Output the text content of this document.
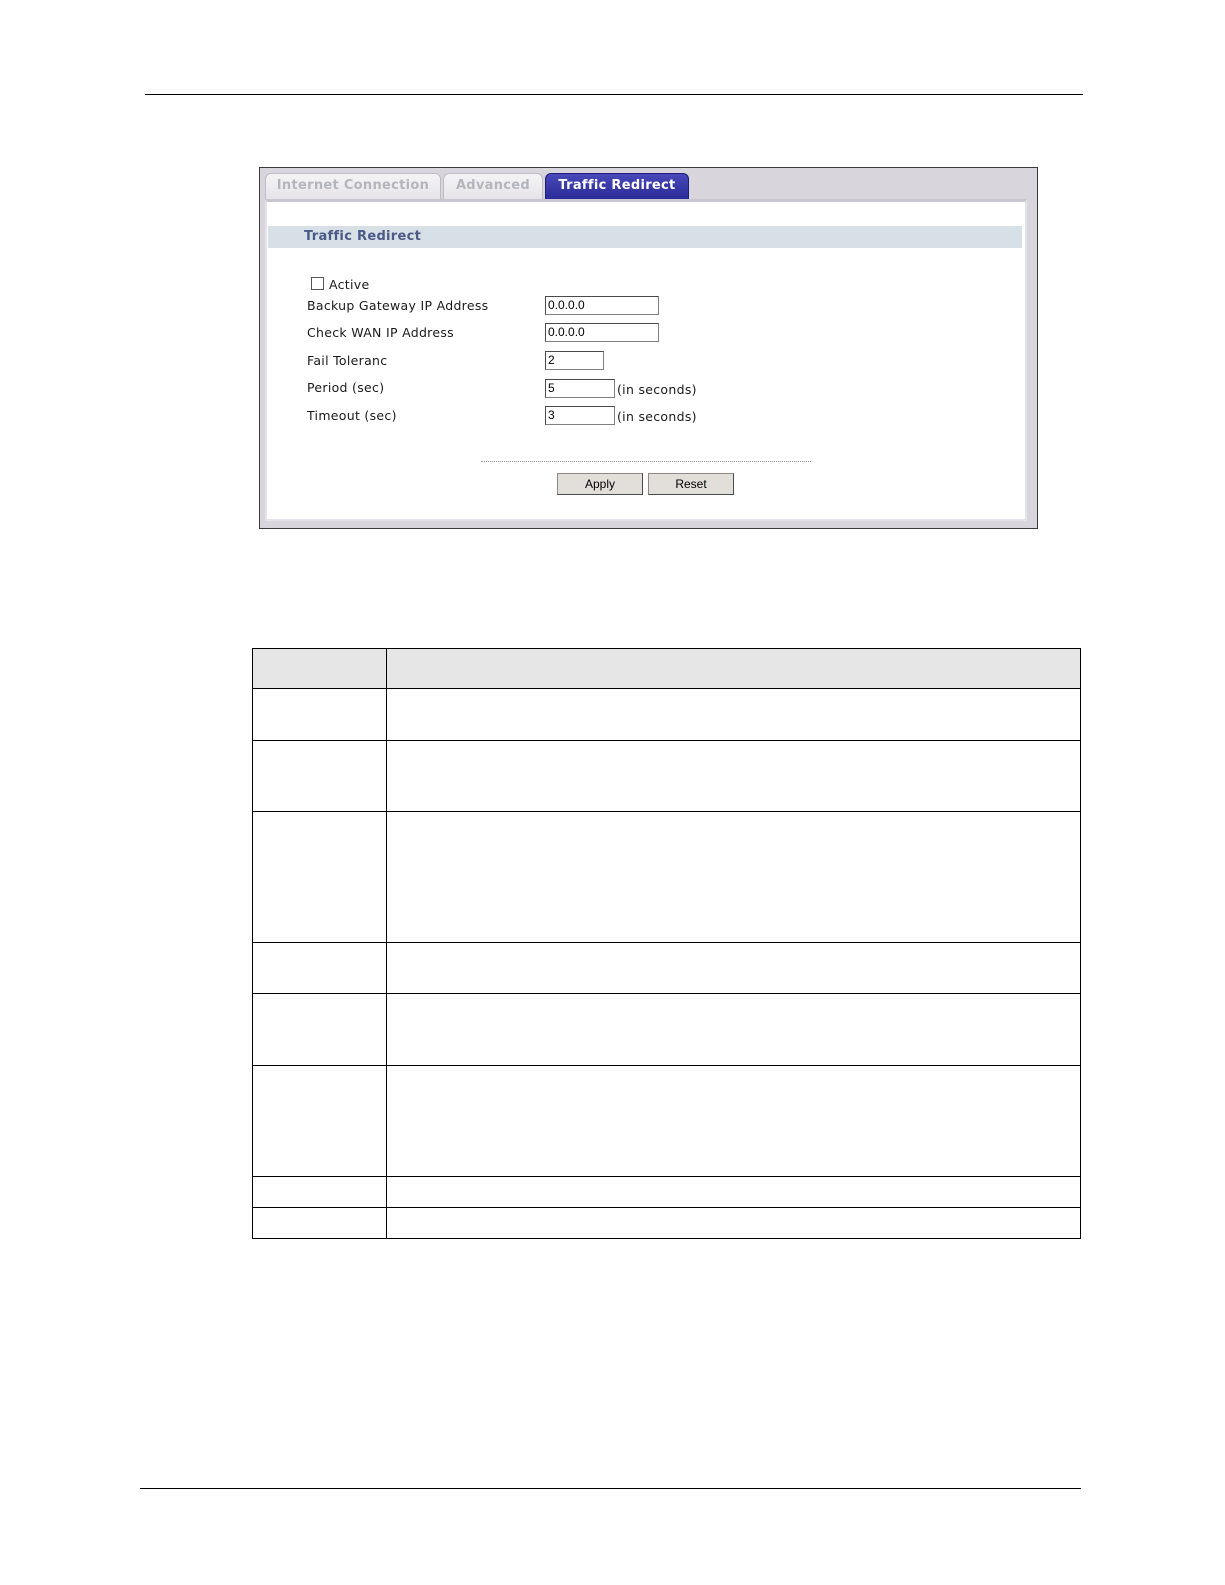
Internet Connection	Advanced	Traffic Redirect
Traffic Redirect
Active
Backup Gateway IP Address	0.0.0.0
Check WAN IP Address	0.0.0.0
Fail Toleranc	2
Period (sec)	5	(in seconds)
Timeout (sec)	3	(in seconds)
Apply	Reset
